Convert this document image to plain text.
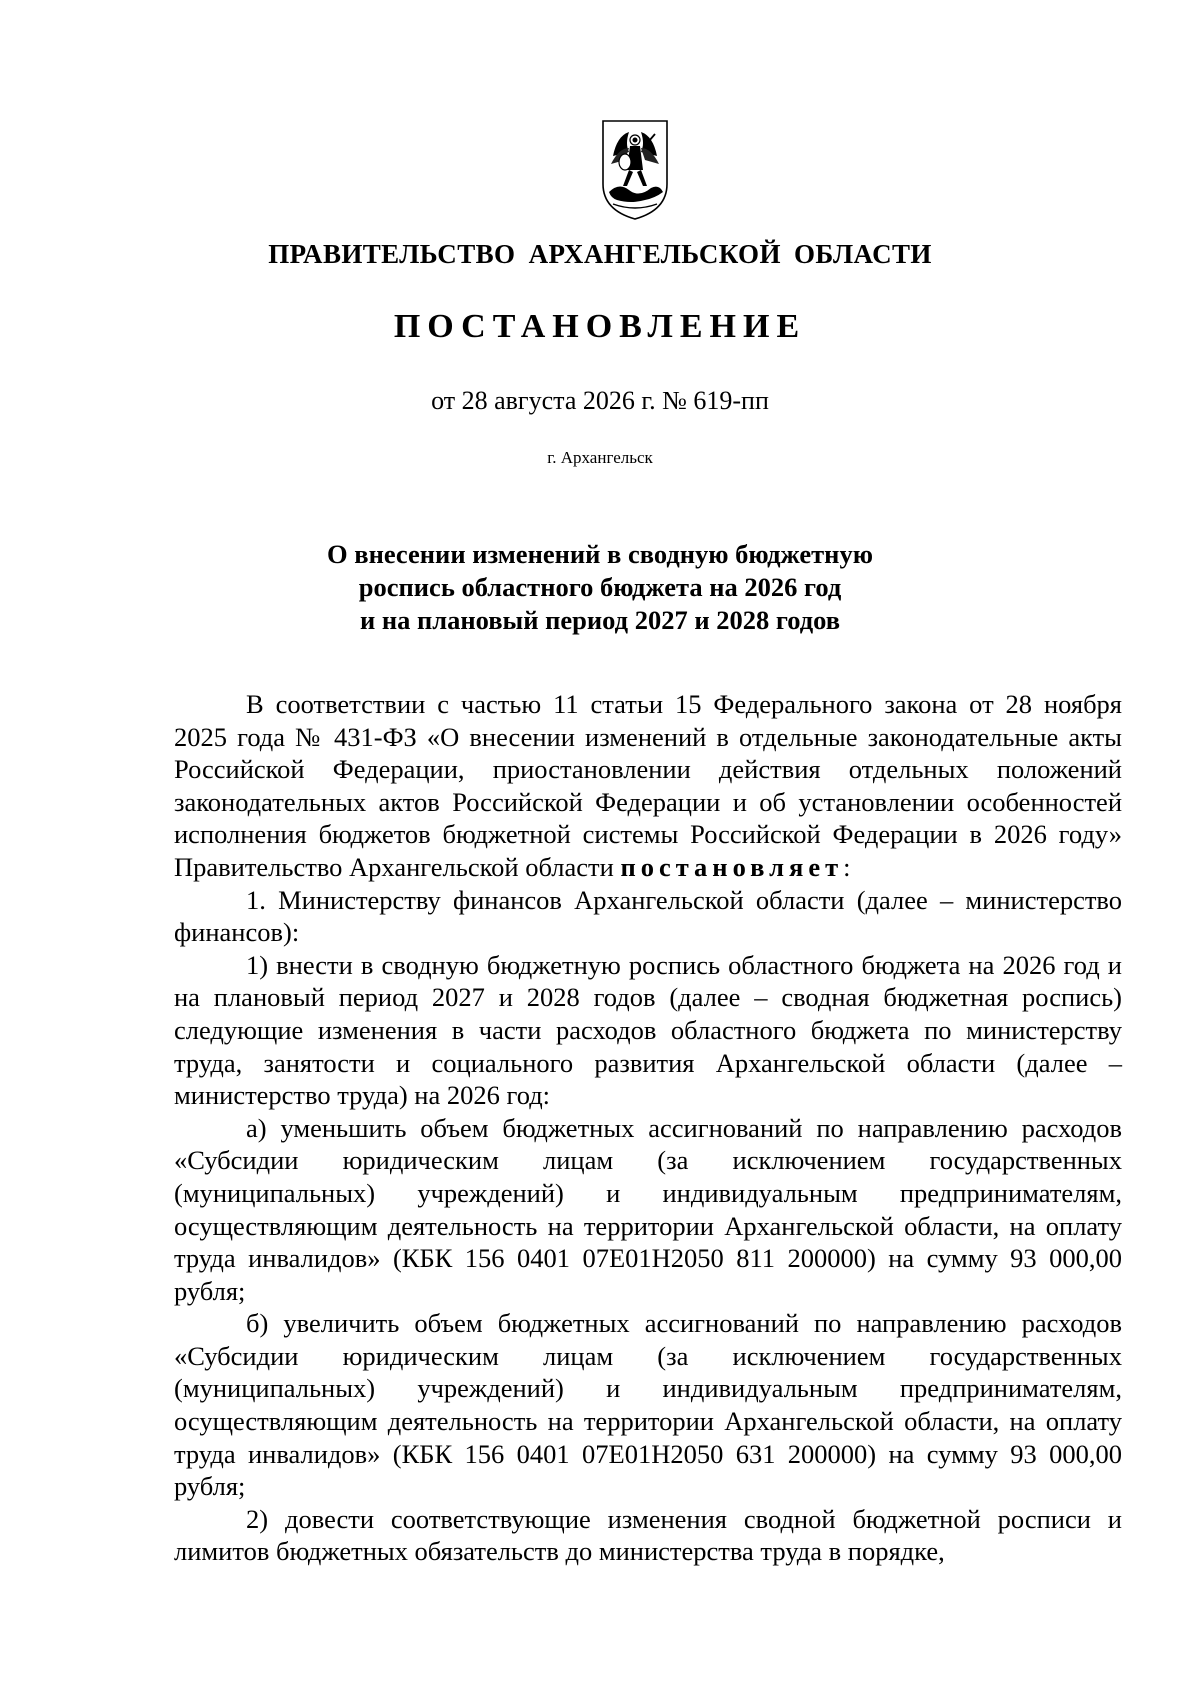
ПРАВИТЕЛЬСТВО АРХАНГЕЛЬСКОЙ ОБЛАСТИ
ПОСТАНОВЛЕНИЕ
от 28 августа 2026 г. № 619-пп
г. Архангельск
О внесении изменений в сводную бюджетную
роспись областного бюджета на 2026 год
и на плановый период 2027 и 2028 годов

В соответствии с частью 11 статьи 15 Федерального закона от 28 ноября 2025 года № 431-ФЗ «О внесении изменений в отдельные законодательные акты Российской Федерации, приостановлении действия отдельных положений законодательных актов Российской Федерации и об установлении особенностей исполнения бюджетов бюджетной системы Российской Федерации в 2026 году» Правительство Архангельской области постановляет:

1. Министерству финансов Архангельской области (далее – министерство финансов):

1) внести в сводную бюджетную роспись областного бюджета на 2026 год и на плановый период 2027 и 2028 годов (далее – сводная бюджетная роспись) следующие изменения в части расходов областного бюджета по министерству труда, занятости и социального развития Архангельской области (далее – министерство труда) на 2026 год:

а) уменьшить объем бюджетных ассигнований по направлению расходов «Субсидии юридическим лицам (за исключением государственных (муниципальных) учреждений) и индивидуальным предпринимателям, осуществляющим деятельность на территории Архангельской области, на оплату труда инвалидов» (КБК 156 0401 07Е01Н2050 811 200000) на сумму 93 000,00 рубля;

б) увеличить объем бюджетных ассигнований по направлению расходов «Субсидии юридическим лицам (за исключением государственных (муниципальных) учреждений) и индивидуальным предпринимателям, осуществляющим деятельность на территории Архангельской области, на оплату труда инвалидов» (КБК 156 0401 07Е01Н2050 631 200000) на сумму 93 000,00 рубля;

2) довести соответствующие изменения сводной бюджетной росписи и лимитов бюджетных обязательств до министерства труда в порядке,
